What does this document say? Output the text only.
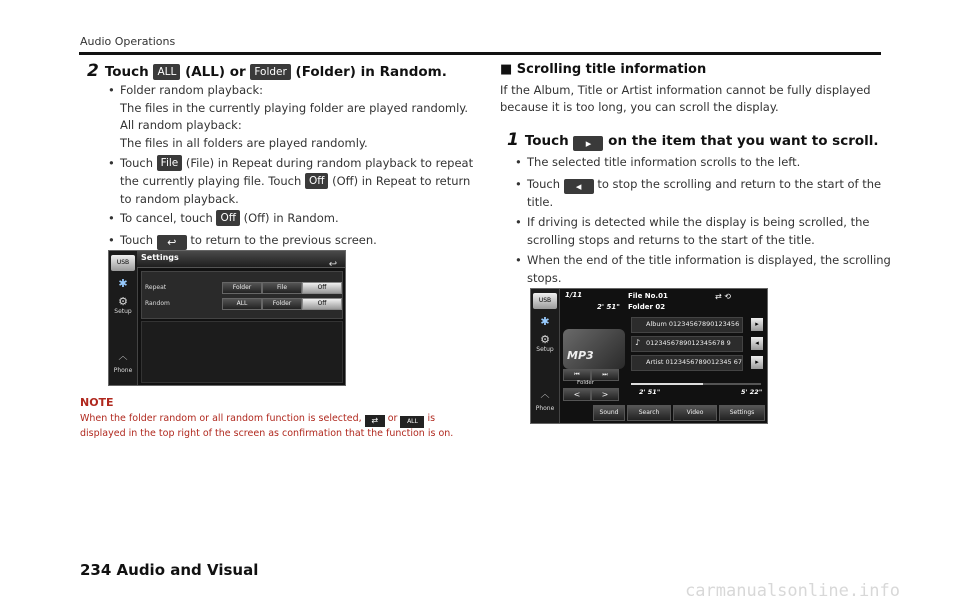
Audio Operations
2 Touch ALL (ALL) or Folder (Folder) in Random.
• Folder random playback:
The files in the currently playing folder are played randomly.
All random playback:
The files in all folders are played randomly.
• Touch File (File) in Repeat during random playback to repeat
the currently playing file. Touch Off (Off) in Repeat to return
to random playback.
• To cancel, touch Off (Off) in Random.
• Touch ↩ to return to the previous screen.
USB
✱
⚙
Setup
︿
Phone
Settings
↩
Repeat
Random
Folder	File	Off
ALL	Folder	Off
NOTE
When the folder random or all random function is selected, ⇄ or ALL is
displayed in the top right of the screen as confirmation that the function is on.
■ Scrolling title information
If the Album, Title or Artist information cannot be fully displayed
because it is too long, you can scroll the display.
1 Touch ▸ on the item that you want to scroll.
• The selected title information scrolls to the left.
• Touch ◂ to stop the scrolling and return to the start of the
title.
• If driving is detected while the display is being scrolled, the
scrolling stops and returns to the start of the title.
• When the end of the title information is displayed, the scrolling
stops.
USB
✱
⚙
Setup
︿
Phone
1/11
2' 51"
File No.01
Folder 02
⇄ ⟲
MP3
Album 01234567890123456
♪ 0123456789012345678 9
Artist 0123456789012345 67
▸
◂
▸
⏮	⏭
Folder
<	>	2' 51"	5' 22"
Sound	Search	Video	Settings
234 Audio and Visual
carmanualsonline.info
